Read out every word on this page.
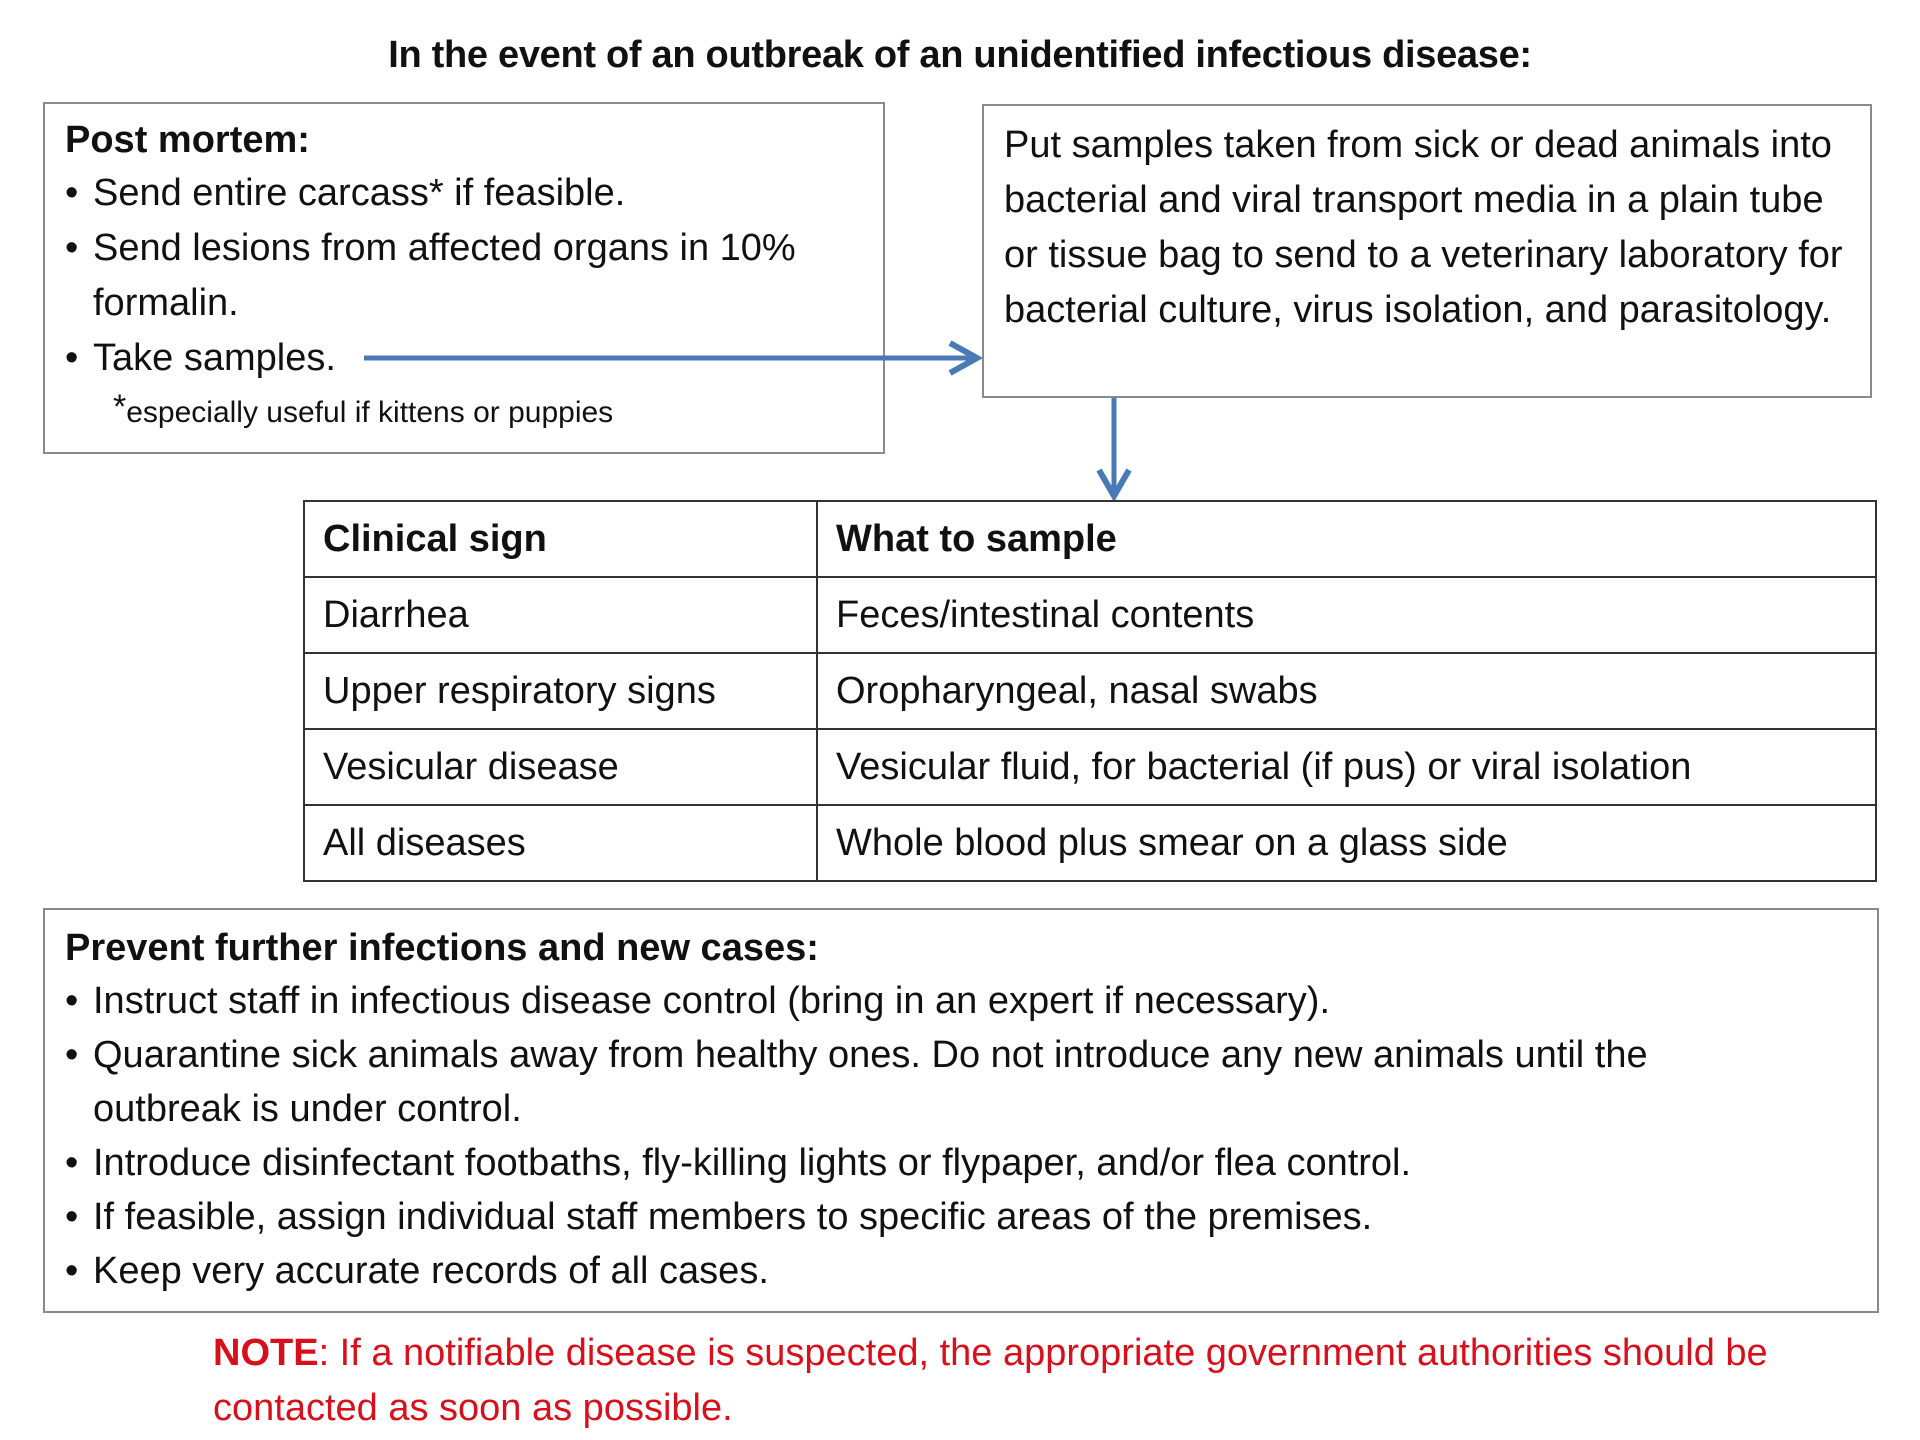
In the event of an outbreak of an unidentified infectious disease:
Post mortem:
• Send entire carcass* if feasible.
• Send lesions from affected organs in 10% formalin.
• Take samples.
*especially useful if kittens or puppies
Put samples taken from sick or dead animals into bacterial and viral transport media in a plain tube or tissue bag to send to a veterinary laboratory for bacterial culture, virus isolation, and parasitology.
Clinical sign	What to sample
Diarrhea	Feces/intestinal contents
Upper respiratory signs	Oropharyngeal, nasal swabs
Vesicular disease	Vesicular fluid, for bacterial (if pus) or viral isolation
All diseases	Whole blood plus smear on a glass side
Prevent further infections and new cases:
• Instruct staff in infectious disease control (bring in an expert if necessary).
• Quarantine sick animals away from healthy ones. Do not introduce any new animals until the outbreak is under control.
• Introduce disinfectant footbaths, fly-killing lights or flypaper, and/or flea control.
• If feasible, assign individual staff members to specific areas of the premises.
• Keep very accurate records of all cases.
NOTE: If a notifiable disease is suspected, the appropriate government authorities should be contacted as soon as possible.
